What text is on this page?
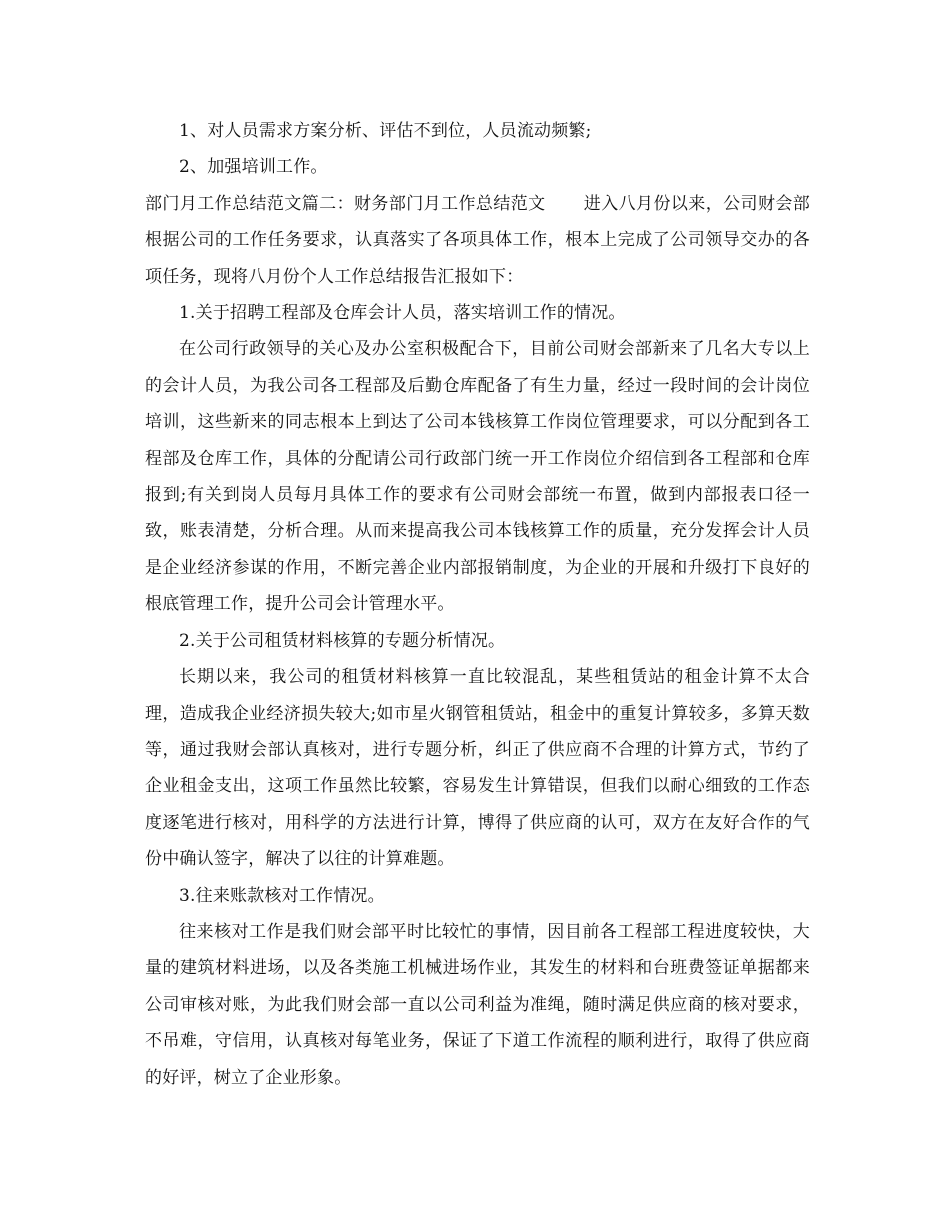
1、对人员需求方案分析、评估不到位，人员流动频繁;

2、加强培训工作。

部门月工作总结范文篇二：财务部门月工作总结范文 进入八月份以来，公司财会部根据公司的工作任务要求，认真落实了各项具体工作，根本上完成了公司领导交办的各项任务，现将八月份个人工作总结报告汇报如下：

1.关于招聘工程部及仓库会计人员，落实培训工作的情况。

在公司行政领导的关心及办公室积极配合下，目前公司财会部新来了几名大专以上的会计人员，为我公司各工程部及后勤仓库配备了有生力量，经过一段时间的会计岗位培训，这些新来的同志根本上到达了公司本钱核算工作岗位管理要求，可以分配到各工程部及仓库工作，具体的分配请公司行政部门统一开工作岗位介绍信到各工程部和仓库报到;有关到岗人员每月具体工作的要求有公司财会部统一布置，做到内部报表口径一致，账表清楚，分析合理。从而来提高我公司本钱核算工作的质量，充分发挥会计人员是企业经济参谋的作用，不断完善企业内部报销制度，为企业的开展和升级打下良好的根底管理工作，提升公司会计管理水平。

2.关于公司租赁材料核算的专题分析情况。

长期以来，我公司的租赁材料核算一直比较混乱，某些租赁站的租金计算不太合理，造成我企业经济损失较大;如市星火钢管租赁站，租金中的重复计算较多，多算天数等，通过我财会部认真核对，进行专题分析，纠正了供应商不合理的计算方式，节约了企业租金支出，这项工作虽然比较繁，容易发生计算错误，但我们以耐心细致的工作态度逐笔进行核对，用科学的方法进行计算，博得了供应商的认可，双方在友好合作的气份中确认签字，解决了以往的计算难题。

3.往来账款核对工作情况。

往来核对工作是我们财会部平时比较忙的事情，因目前各工程部工程进度较快，大量的建筑材料进场，以及各类施工机械进场作业，其发生的材料和台班费签证单据都来公司审核对账，为此我们财会部一直以公司利益为准绳，随时满足供应商的核对要求，不吊难，守信用，认真核对每笔业务，保证了下道工作流程的顺利进行，取得了供应商的好评，树立了企业形象。
